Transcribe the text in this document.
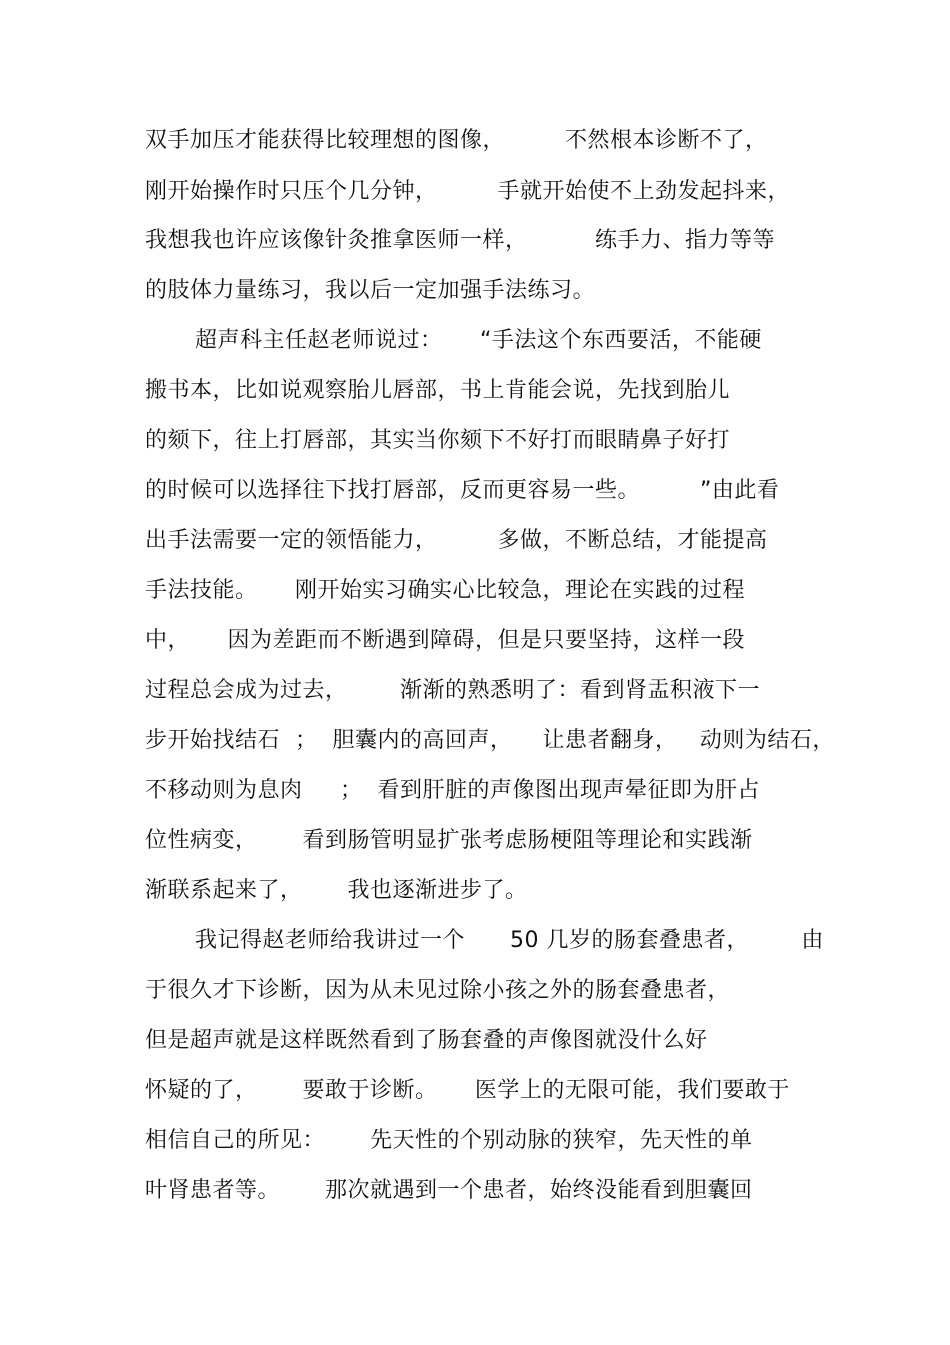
双手加压才能获得比较理想的图像，        不然根本诊断不了，
刚开始操作时只压个几分钟，        手就开始使不上劲发起抖来，
我想我也许应该像针灸推拿医师一样，         练手力、指力等等
的肢体力量练习，我以后一定加强手法练习。
超声科主任赵老师说过：     “手法这个东西要活，不能硬
搬书本，比如说观察胎儿唇部，书上肯能会说，先找到胎儿
的颏下，往上打唇部，其实当你颏下不好打而眼睛鼻子好打
的时候可以选择往下找打唇部，反而更容易一些。        ”由此看
出手法需要一定的领悟能力，        多做，不断总结，才能提高
手法技能。     刚开始实习确实心比较急，理论在实践的过程
中，     因为差距而不断遇到障碍，但是只要坚持，这样一段
过程总会成为过去，       渐渐的熟悉明了：看到肾盂积液下一
步开始找结石  ；  胆囊内的高回声，    让患者翻身，   动则为结石，
不移动则为息肉     ；  看到肝脏的声像图出现声晕征即为肝占
位性病变，      看到肠管明显扩张考虑肠梗阻等理论和实践渐
渐联系起来了，      我也逐渐进步了。
我记得赵老师给我讲过一个      50 几岁的肠套叠患者，       由
于很久才下诊断，因为从未见过除小孩之外的肠套叠患者，
但是超声就是这样既然看到了肠套叠的声像图就没什么好
怀疑的了，      要敢于诊断。     医学上的无限可能，我们要敢于
相信自己的所见：      先天性的个别动脉的狭窄，先天性的单
叶肾患者等。      那次就遇到一个患者，始终没能看到胆囊回
